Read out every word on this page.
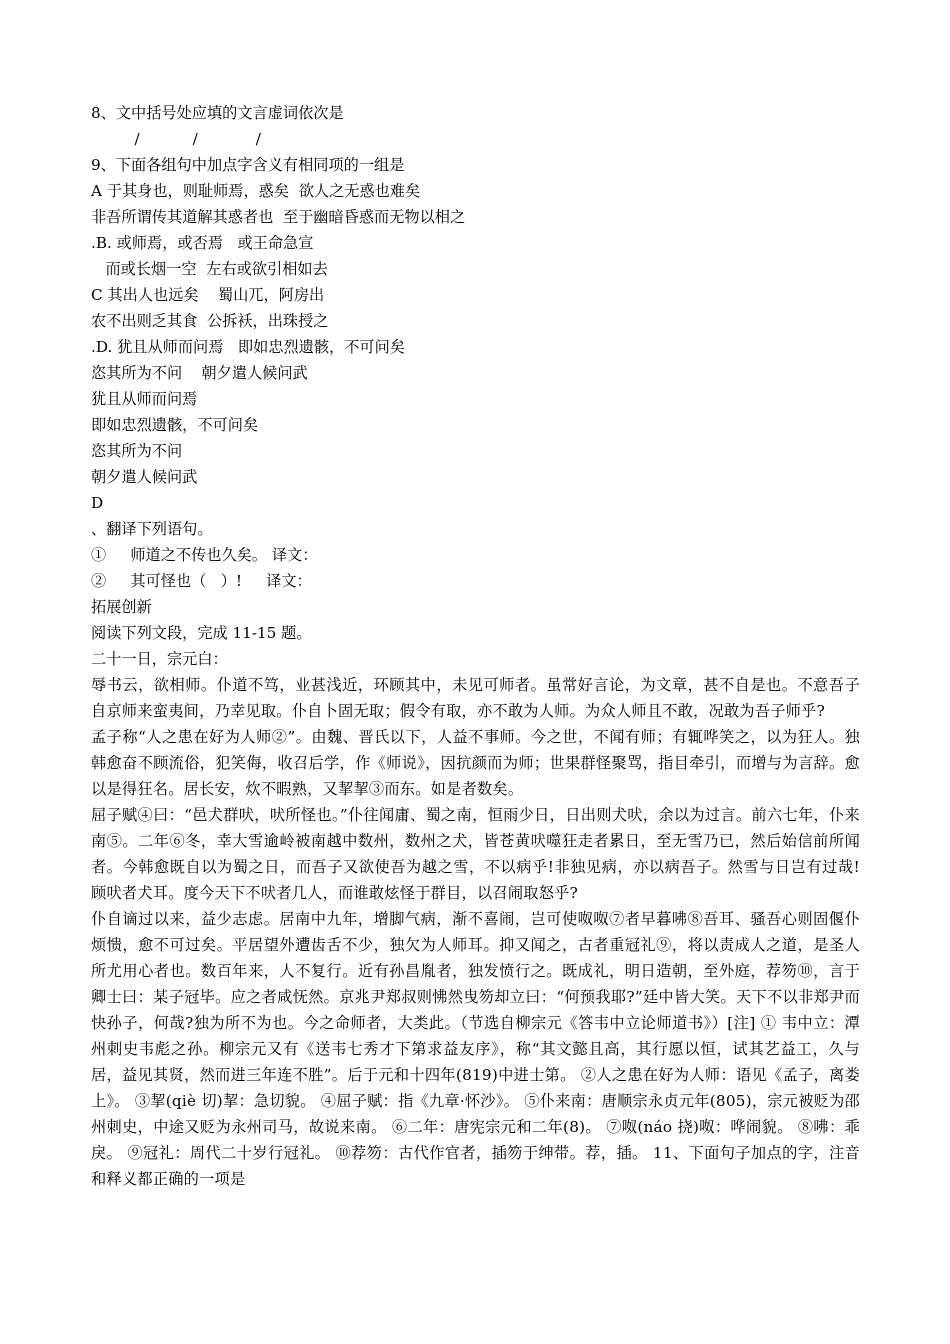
8、文中括号处应填的文言虚词依次是
/           /            /
9、下面各组句中加点字含义有相同项的一组是
A 于其身也，则耻师焉，惑矣  欲人之无惑也难矣
非吾所谓传其道解其惑者也  至于幽暗昏惑而无物以相之
.B. 或师焉，或否焉   或王命急宣
而或长烟一空  左右或欲引相如去
C 其出人也远矣    蜀山兀，阿房出
农不出则乏其食  公拆袄，出珠授之
.D. 犹且从师而问焉   即如忠烈遗骸，不可问矣
恣其所为不问    朝夕遣人候问武
犹且从师而问焉
即如忠烈遗骸，不可问矣
恣其所为不问
朝夕遣人候问武
D
、翻译下列语句。
①     师道之不传也久矣。 译文：
②     其可怪也（   ）!     译文：
拓展创新
阅读下列文段，完成 11-15 题。
二十一日，宗元白：
辱书云，欲相师。仆道不笃，业甚浅近，环顾其中，未见可师者。虽常好言论，为文章，甚不自是也。不意吾子自京师来蛮夷间，乃幸见取。仆自卜固无取；假令有取，亦不敢为人师。为众人师且不敢，况敢为吾子师乎?
孟子称“人之患在好为人师②”。由魏、晋氏以下，人益不事师。今之世，不闻有师；有辄哗笑之，以为狂人。独韩愈奋不顾流俗，犯笑侮，收召后学，作《师说》，因抗颜而为师；世果群怪聚骂，指目牵引，而增与为言辞。愈以是得狂名。居长安，炊不暇熟，又挈挈③而东。如是者数矣。
屈子赋④曰：“邑犬群吠，吠所怪也。”仆往闻庸、蜀之南，恒雨少日，日出则犬吠，余以为过言。前六七年，仆来南⑤。二年⑥冬，幸大雪逾岭被南越中数州，数州之犬，皆苍黄吠噬狂走者累日，至无雪乃已，然后始信前所闻者。今韩愈既自以为蜀之日，而吾子又欲使吾为越之雪，不以病乎!非独见病，亦以病吾子。然雪与日岂有过哉!顾吠者犬耳。度今天下不吠者几人，而谁敢炫怪于群目，以召闹取怒乎?
仆自谪过以来，益少志虑。居南中九年，增脚气病，渐不喜闹，岂可使呶呶⑦者早暮咈⑧吾耳、骚吾心则固偃仆烦愦，愈不可过矣。平居望外遭齿舌不少，独欠为人师耳。抑又闻之，古者重冠礼⑨，将以责成人之道，是圣人所尤用心者也。数百年来，人不复行。近有孙昌胤者，独发愤行之。既成礼，明日造朝，至外庭，荐笏⑩，言于卿士曰：某子冠毕。应之者咸怃然。京兆尹郑叔则怫然曳笏却立曰：“何预我耶?”廷中皆大笑。天下不以非郑尹而快孙子，何哉?独为所不为也。今之命师者，大类此。（节选自柳宗元《答韦中立论师道书》）[注] ① 韦中立：潭州刺史韦彪之孙。柳宗元又有《送韦七秀才下第求益友序》，称“其文懿且高，其行愿以恒，试其艺益工，久与居，益见其贤，然而进三年连不胜”。后于元和十四年(819)中进士第。 ②人之患在好为人师：语见《孟子，离娄上》。 ③挈(qiè 切)挈：急切貌。 ④屈子赋：指《九章·怀沙》。 ⑤仆来南：唐顺宗永贞元年(805)，宗元被贬为邵州刺史，中途又贬为永州司马，故说来南。 ⑥二年：唐宪宗元和二年(8)。 ⑦呶(náo 挠)呶：哗闹貌。 ⑧咈：乖戾。 ⑨冠礼：周代二十岁行冠礼。 ⑩荐笏：古代作官者，插笏于绅带。荐，插。 11、下面句子加点的字，注音和释义都正确的一项是
